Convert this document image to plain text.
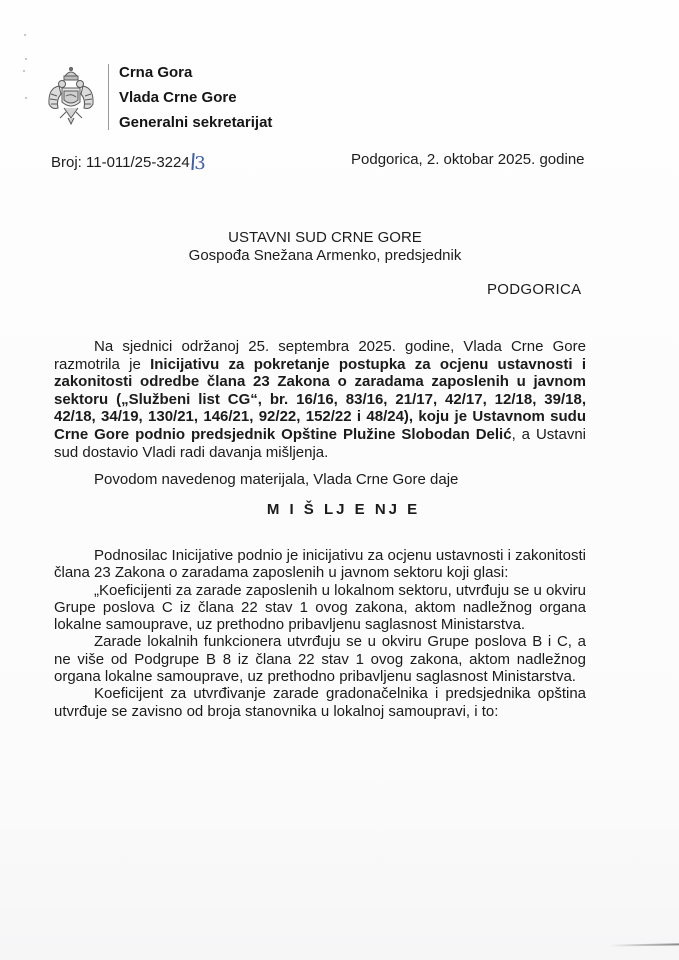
Crna Gora
Vlada Crne Gore
Generalni sekretarijat
Broj: 11-011/25-3224 3	Podgorica, 2. oktobar 2025. godine
USTAVNI SUD CRNE GORE
Gospođa Snežana Armenko, predsjednik
PODGORICA

Na sjednici održanoj 25. septembra 2025. godine, Vlada Crne Gore razmotrila je Inicijativu za pokretanje postupka za ocjenu ustavnosti i zakonitosti odredbe člana 23 Zakona o zaradama zaposlenih u javnom sektoru („Službeni list CG“, br. 16/16, 83/16, 21/17, 42/17, 12/18, 39/18, 42/18, 34/19, 130/21, 146/21, 92/22, 152/22 i 48/24), koju je Ustavnom sudu Crne Gore podnio predsjednik Opštine Plužine Slobodan Delić, a Ustavni sud dostavio Vladi radi davanja mišljenja.

Povodom navedenog materijala, Vlada Crne Gore daje

M I Š LJ E NJ E

Podnosilac Inicijative podnio je inicijativu za ocjenu ustavnosti i zakonitosti člana 23 Zakona o zaradama zaposlenih u javnom sektoru koji glasi:

„Koeficijenti za zarade zaposlenih u lokalnom sektoru, utvrđuju se u okviru Grupe poslova C iz člana 22 stav 1 ovog zakona, aktom nadležnog organa lokalne samouprave, uz prethodno pribavljenu saglasnost Ministarstva.

Zarade lokalnih funkcionera utvrđuju se u okviru Grupe poslova B i C, a ne više od Podgrupe B 8 iz člana 22 stav 1 ovog zakona, aktom nadležnog organa lokalne samouprave, uz prethodno pribavljenu saglasnost Ministarstva.

Koeficijent za utvrđivanje zarade gradonačelnika i predsjednika opština utvrđuje se zavisno od broja stanovnika u lokalnoj samoupravi, i to:
